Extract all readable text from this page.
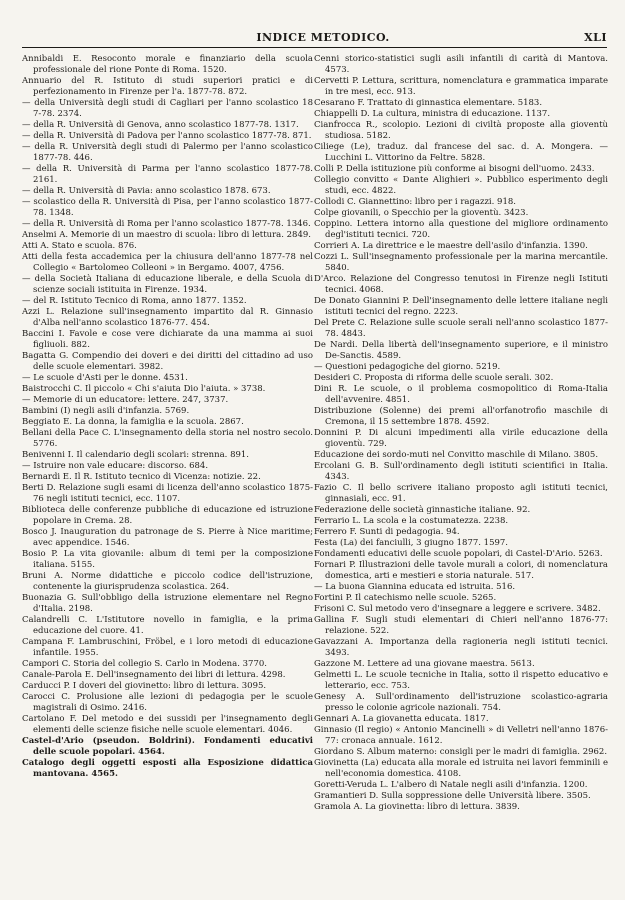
INDICE METODICO.	XLI

Annibaldi E. Resoconto morale e finanziario della scuola professionale del rione Ponte di Roma. 1520.

Annuario del R. Istituto di studi superiori pratici e di perfezionamento in Firenze per l'a. 1877-78. 872.

— della Università degli studi di Cagliari per l'anno scolastico 18 7-78. 2374.

— della R. Università di Genova, anno scolastico 1877-78. 1317.

— della R. Università di Padova per l'anno scolastico 1877-78. 871.

— della R. Università degli studi di Palermo per l'anno scolastico 1877-78. 446.

— della R. Università di Parma per l'anno scolastico 1877-78. 2161.

— della R. Università di Pavia: anno scolastico 1878. 673.

— scolastico della R. Università di Pisa, per l'anno scolastico 1877-78. 1348.

— della R. Università di Roma per l'anno scolastico 1877-78. 1346.

Anselmi A. Memorie di un maestro di scuola: libro di lettura. 2849.

Atti A. Stato e scuola. 876.

Atti della festa accademica per la chiusura dell'anno 1877-78 nel Collegio « Bartolomeo Colleoni » in Bergamo. 4007, 4756.

— della Società Italiana di educazione liberale, e della Scuola di scienze sociali istituita in Firenze. 1934.

— del R. Istituto Tecnico di Roma, anno 1877. 1352.

Azzi L. Relazione sull'insegnamento impartito dal R. Ginnasio d'Alba nell'anno scolastico 1876-77. 454.

Baccini I. Favole e cose vere dichiarate da una mamma ai suoi figliuoli. 882.

Bagatta G. Compendio dei doveri e dei diritti del cittadino ad uso delle scuole elementari. 3982.

— Le scuole d'Asti per le donne. 4531.

Baistrocchi C. Il piccolo « Chi s'aiuta Dio l'aiuta. » 3738.

— Memorie di un educatore: lettere. 247, 3737.

Bambini (I) negli asili d'infanzia. 5769.

Beggiato E. La donna, la famiglia e la scuola. 2867.

Bellani della Pace C. L'insegnamento della storia nel nostro secolo. 5776.

Benivenni I. Il calendario degli scolari: strenna. 891.

— Istruire non vale educare: discorso. 684.

Bernardi E. Il R. Istituto tecnico di Vicenza: notizie. 22.

Berti D. Relazione sugli esami di licenza dell'anno scolastico 1875-76 negli istituti tecnici, ecc. 1107.

Biblioteca delle conferenze pubbliche di educazione ed istruzione popolare in Crema. 28.

Bosco J. Inauguration du patronage de S. Pierre à Nice maritime; avec appendice. 1546.

Bosio P. La vita giovanile: album di temi per la composizione italiana. 5155.

Bruni A. Norme didattiche e piccolo codice dell'istruzione, contenente la giurisprudenza scolastica. 264.

Buonazia G. Sull'obbligo della istruzione elementare nel Regno d'Italia. 2198.

Calandrelli C. L'Istitutore novello in famiglia, e la prima educazione del cuore. 41.

Campana F. Lambruschini, Fröbel, e i loro metodi di educazione infantile. 1955.

Campori C. Storia del collegio S. Carlo in Modena. 3770.

Canale-Parola E. Dell'insegnamento dei libri di lettura. 4298.

Carducci P. I doveri del giovinetto: libro di lettura. 3095.

Carocci C. Prolusione alle lezioni di pedagogia per le scuole magistrali di Osimo. 2416.

Cartolano F. Del metodo e dei sussidi per l'insegnamento degli elementi delle scienze fisiche nelle scuole elementari. 4046.

Castel-d'Ario (pseudon. Boldrini). Fondamenti educativi delle scuole popolari. 4564.

Catalogo degli oggetti esposti alla Esposizione didattica mantovana. 4565.

Cenni storico-statistici sugli asili infantili di carità di Mantova. 4573.

Cervetti P. Lettura, scrittura, nomenclatura e grammatica imparate in tre mesi, ecc. 913.

Cesarano F. Trattato di ginnastica elementare. 5183.

Chiappelli D. La cultura, ministra di educazione. 1137.

Cianfrocca R., scolopio. Lezioni di civiltà proposte alla gioventù studiosa. 5182.

Ciliege (Le), traduz. dal francese del sac. d. A. Mongera. — Lucchini L. Vittorino da Feltre. 5828.

Colli P. Della istituzione più conforme ai bisogni dell'uomo. 2433.

Collegio convitto « Dante Alighieri ». Pubblico esperimento degli studi, ecc. 4822.

Collodi C. Giannettino: libro per i ragazzi. 918.

Colpe giovanili, o Specchio per la gioventù. 3423.

Coppino. Lettera intorno alla questione del migliore ordinamento degl'istituti tecnici. 720.

Corrieri A. La direttrice e le maestre dell'asilo d'infanzia. 1390.

Cozzi L. Sull'insegnamento professionale per la marina mercantile. 5840.

D'Arco. Relazione del Congresso tenutosi in Firenze negli Istituti tecnici. 4068.

De Donato Giannini P. Dell'insegnamento delle lettere italiane negli istituti tecnici del regno. 2223.

Del Prete C. Relazione sulle scuole serali nell'anno scolastico 1877-78. 4843.

De Nardi. Della libertà dell'insegnamento superiore, e il ministro De-Sanctis. 4589.

— Questioni pedagogiche del giorno. 5219.

Desideri C. Proposta di riforma delle scuole serali. 302.

Dini R. Le scuole, o il problema cosmopolitico di Roma-Italia dell'avvenire. 4851.

Distribuzione (Solenne) dei premi all'orfanotrofio maschile di Cremona, il 15 settembre 1878. 4592.

Donnini P. Di alcuni impedimenti alla virile educazione della gioventù. 729.

Educazione dei sordo-muti nel Convitto maschile di Milano. 3805.

Ercolani G. B. Sull'ordinamento degli istituti scientifici in Italia. 4343.

Fazio C. Il bello scrivere italiano proposto agli istituti tecnici, ginnasiali, ecc. 91.

Federazione delle società ginnastiche italiane. 92.

Ferrario L. La scola e la costumatezza. 2238.

Ferrero F. Sunti di pedagogia. 94.

Festa (La) dei fanciulli, 3 giugno 1877. 1597.

Fondamenti educativi delle scuole popolari, di Castel-D'Ario. 5263.

Fornari P. Illustrazioni delle tavole murali a colori, di nomenclatura domestica, arti e mestieri e storia naturale. 517.

— La buona Giannina educata ed istruita. 516.

Fortini P. Il catechismo nelle scuole. 5265.

Frisoni C. Sul metodo vero d'insegnare a leggere e scrivere. 3482.

Gallina F. Sugli studi elementari di Chieri nell'anno 1876-77: relazione. 522.

Gavazzani A. Importanza della ragioneria negli istituti tecnici. 3493.

Gazzone M. Lettere ad una giovane maestra. 5613.

Gelmetti L. Le scuole tecniche in Italia, sotto il rispetto educativo e letterario, ecc. 753.

Genesy A. Sull'ordinamento dell'istruzione scolastico-agraria presso le colonie agricole nazionali. 754.

Gennari A. La giovanetta educata. 1817.

Ginnasio (Il regio) « Antonio Mancinelli » di Velletri nell'anno 1876-77: cronaca annuale. 1612.

Giordano S. Album materno: consigli per le madri di famiglia. 2962.

Giovinetta (La) educata alla morale ed istruita nei lavori femminili e nell'economia domestica. 4108.

Goretti-Veruda L. L'albero di Natale negli asili d'infanzia. 1200.

Gramantieri D. Sulla soppressione delle Università libere. 3505.

Gramola A. La giovinetta: libro di lettura. 3839.
